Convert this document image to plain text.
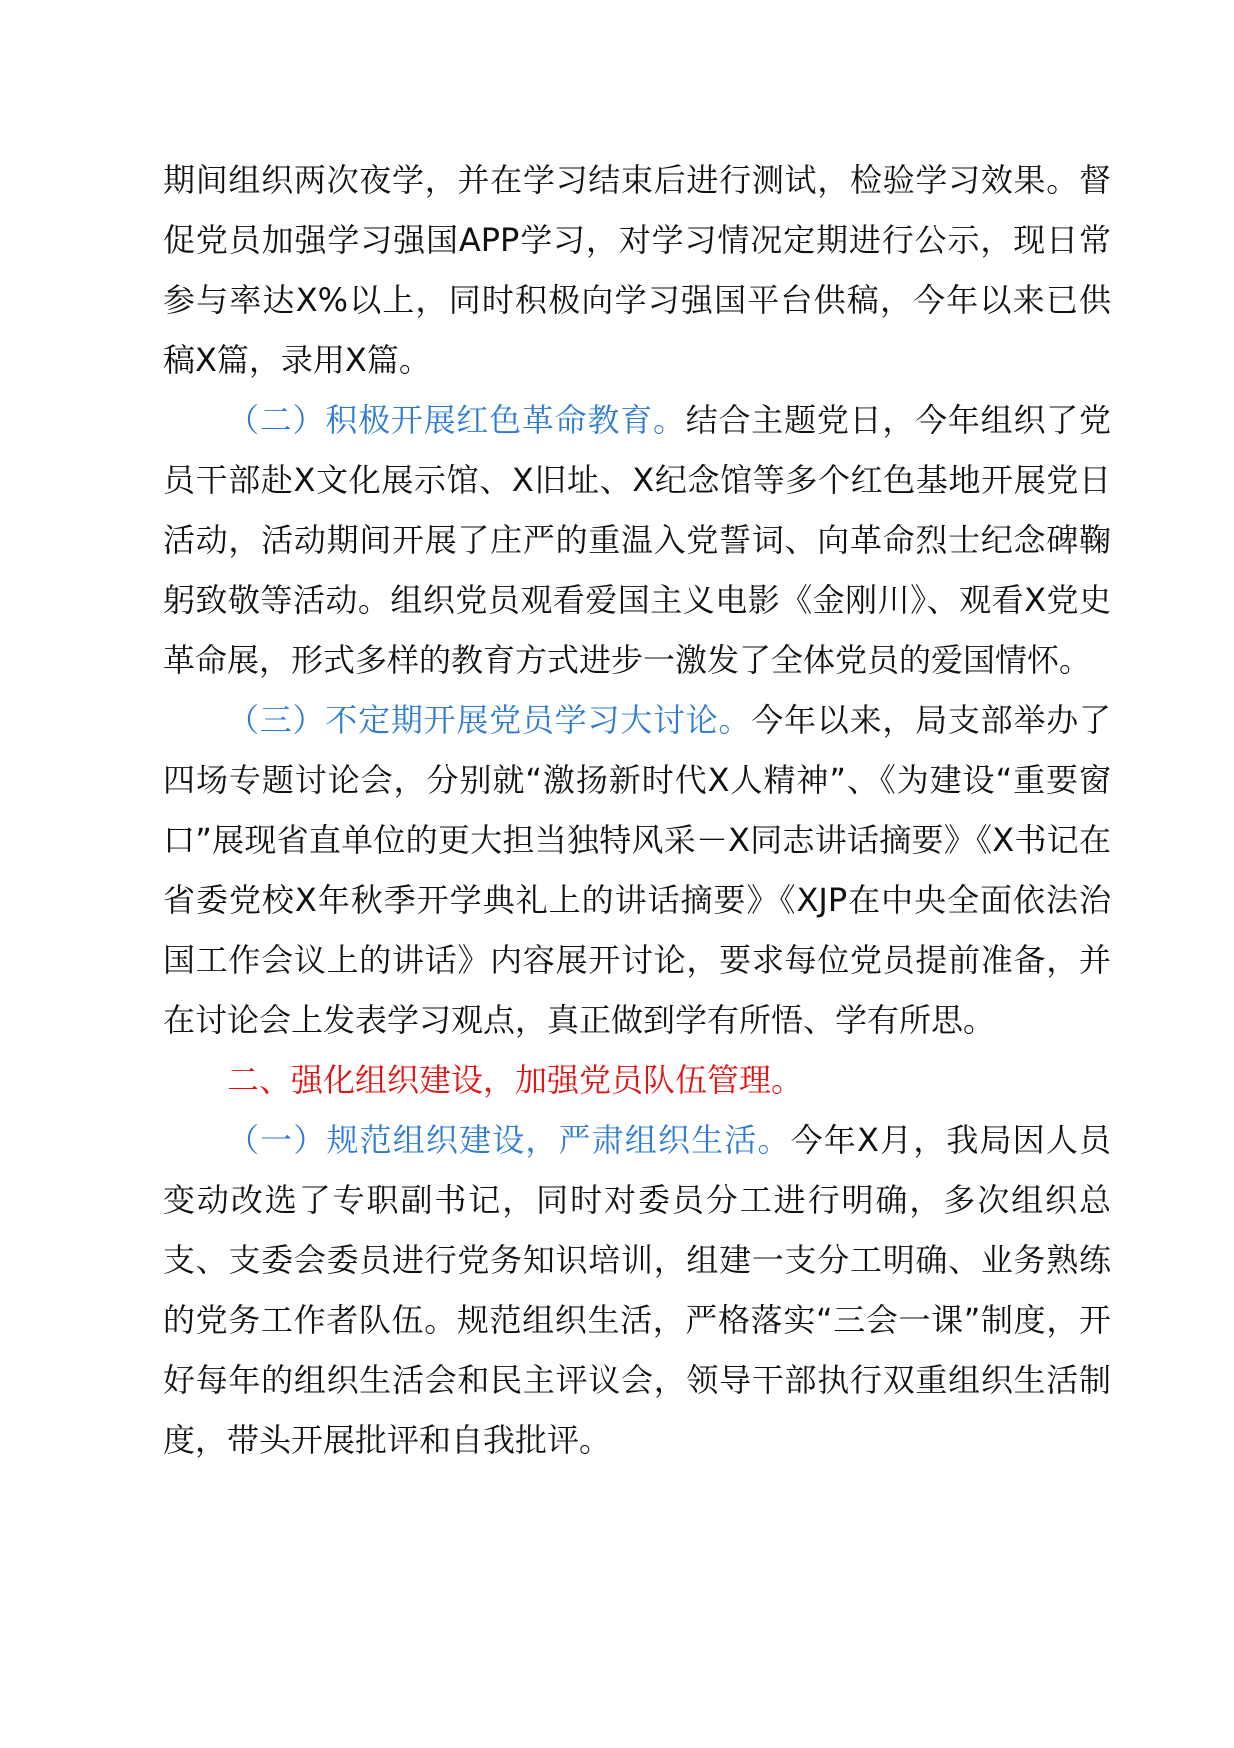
期间组织两次夜学，并在学习结束后进行测试，检验学习效果。督促党员加强学习强国APP学习，对学习情况定期进行公示，现日常参与率达X%以上，同时积极向学习强国平台供稿，今年以来已供稿X篇，录用X篇。

（二）积极开展红色革命教育。结合主题党日，今年组织了党员干部赴X文化展示馆、X旧址、X纪念馆等多个红色基地开展党日活动，活动期间开展了庄严的重温入党誓词、向革命烈士纪念碑鞠躬致敬等活动。组织党员观看爱国主义电影《金刚川》、观看X党史革命展，形式多样的教育方式进步一激发了全体党员的爱国情怀。

（三）不定期开展党员学习大讨论。今年以来，局支部举办了四场专题讨论会，分别就“激扬新时代X人精神”、《为建设“重要窗口”展现省直单位的更大担当独特风采－X同志讲话摘要》《X书记在省委党校X年秋季开学典礼上的讲话摘要》《XJP在中央全面依法治国工作会议上的讲话》内容展开讨论，要求每位党员提前准备，并在讨论会上发表学习观点，真正做到学有所悟、学有所思。

二、强化组织建设，加强党员队伍管理。

（一）规范组织建设，严肃组织生活。今年X月，我局因人员变动改选了专职副书记，同时对委员分工进行明确，多次组织总支、支委会委员进行党务知识培训，组建一支分工明确、业务熟练的党务工作者队伍。规范组织生活，严格落实“三会一课”制度，开好每年的组织生活会和民主评议会，领导干部执行双重组织生活制度，带头开展批评和自我批评。
